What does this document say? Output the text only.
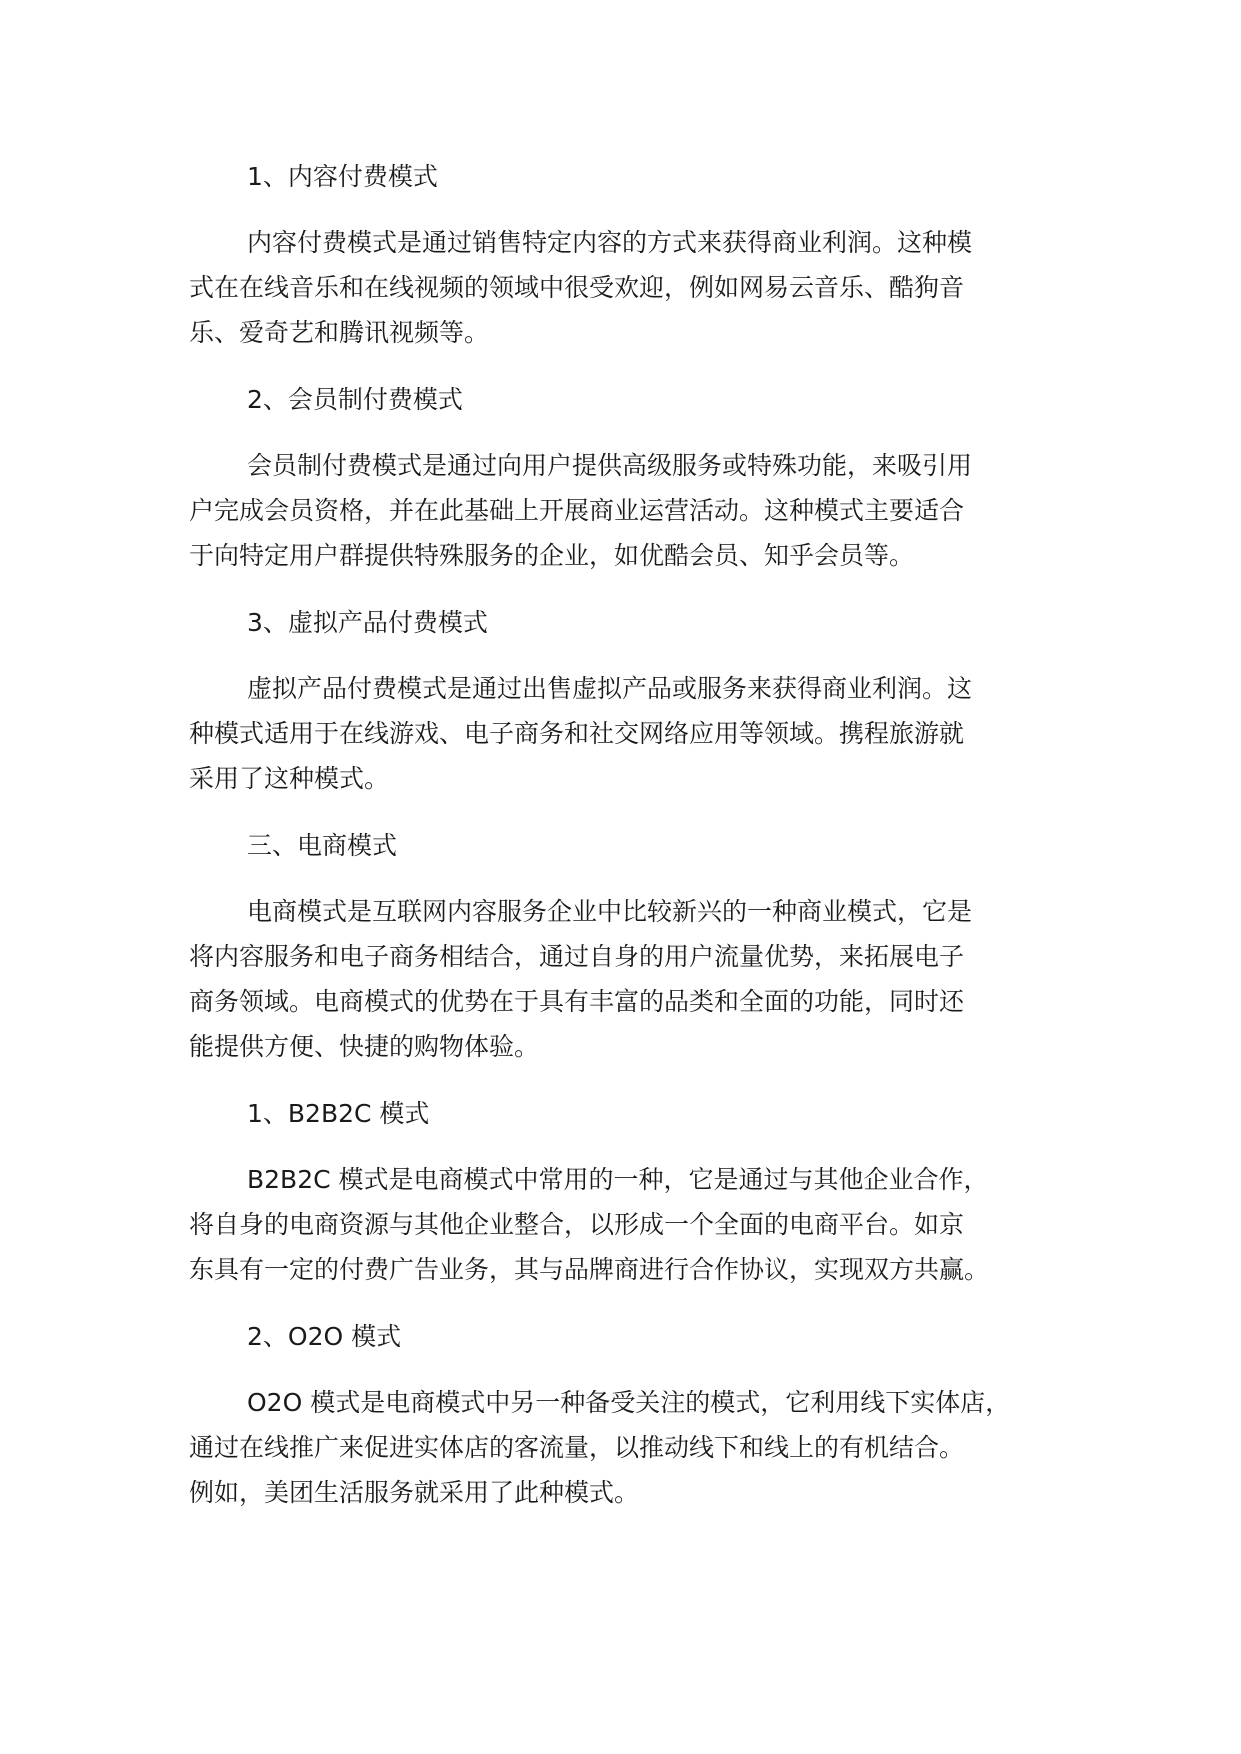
1、内容付费模式
内容付费模式是通过销售特定内容的方式来获得商业利润。这种模
式在在线音乐和在线视频的领域中很受欢迎，例如网易云音乐、酷狗音
乐、爱奇艺和腾讯视频等。
2、会员制付费模式
会员制付费模式是通过向用户提供高级服务或特殊功能，来吸引用
户完成会员资格，并在此基础上开展商业运营活动。这种模式主要适合
于向特定用户群提供特殊服务的企业，如优酷会员、知乎会员等。
3、虚拟产品付费模式
虚拟产品付费模式是通过出售虚拟产品或服务来获得商业利润。这
种模式适用于在线游戏、电子商务和社交网络应用等领域。携程旅游就
采用了这种模式。
三、电商模式
电商模式是互联网内容服务企业中比较新兴的一种商业模式，它是
将内容服务和电子商务相结合，通过自身的用户流量优势，来拓展电子
商务领域。电商模式的优势在于具有丰富的品类和全面的功能，同时还
能提供方便、快捷的购物体验。
1、B2B2C 模式
B2B2C 模式是电商模式中常用的一种，它是通过与其他企业合作，
将自身的电商资源与其他企业整合，以形成一个全面的电商平台。如京
东具有一定的付费广告业务，其与品牌商进行合作协议，实现双方共赢。
2、O2O 模式
O2O 模式是电商模式中另一种备受关注的模式，它利用线下实体店，
通过在线推广来促进实体店的客流量，以推动线下和线上的有机结合。
例如，美团生活服务就采用了此种模式。
